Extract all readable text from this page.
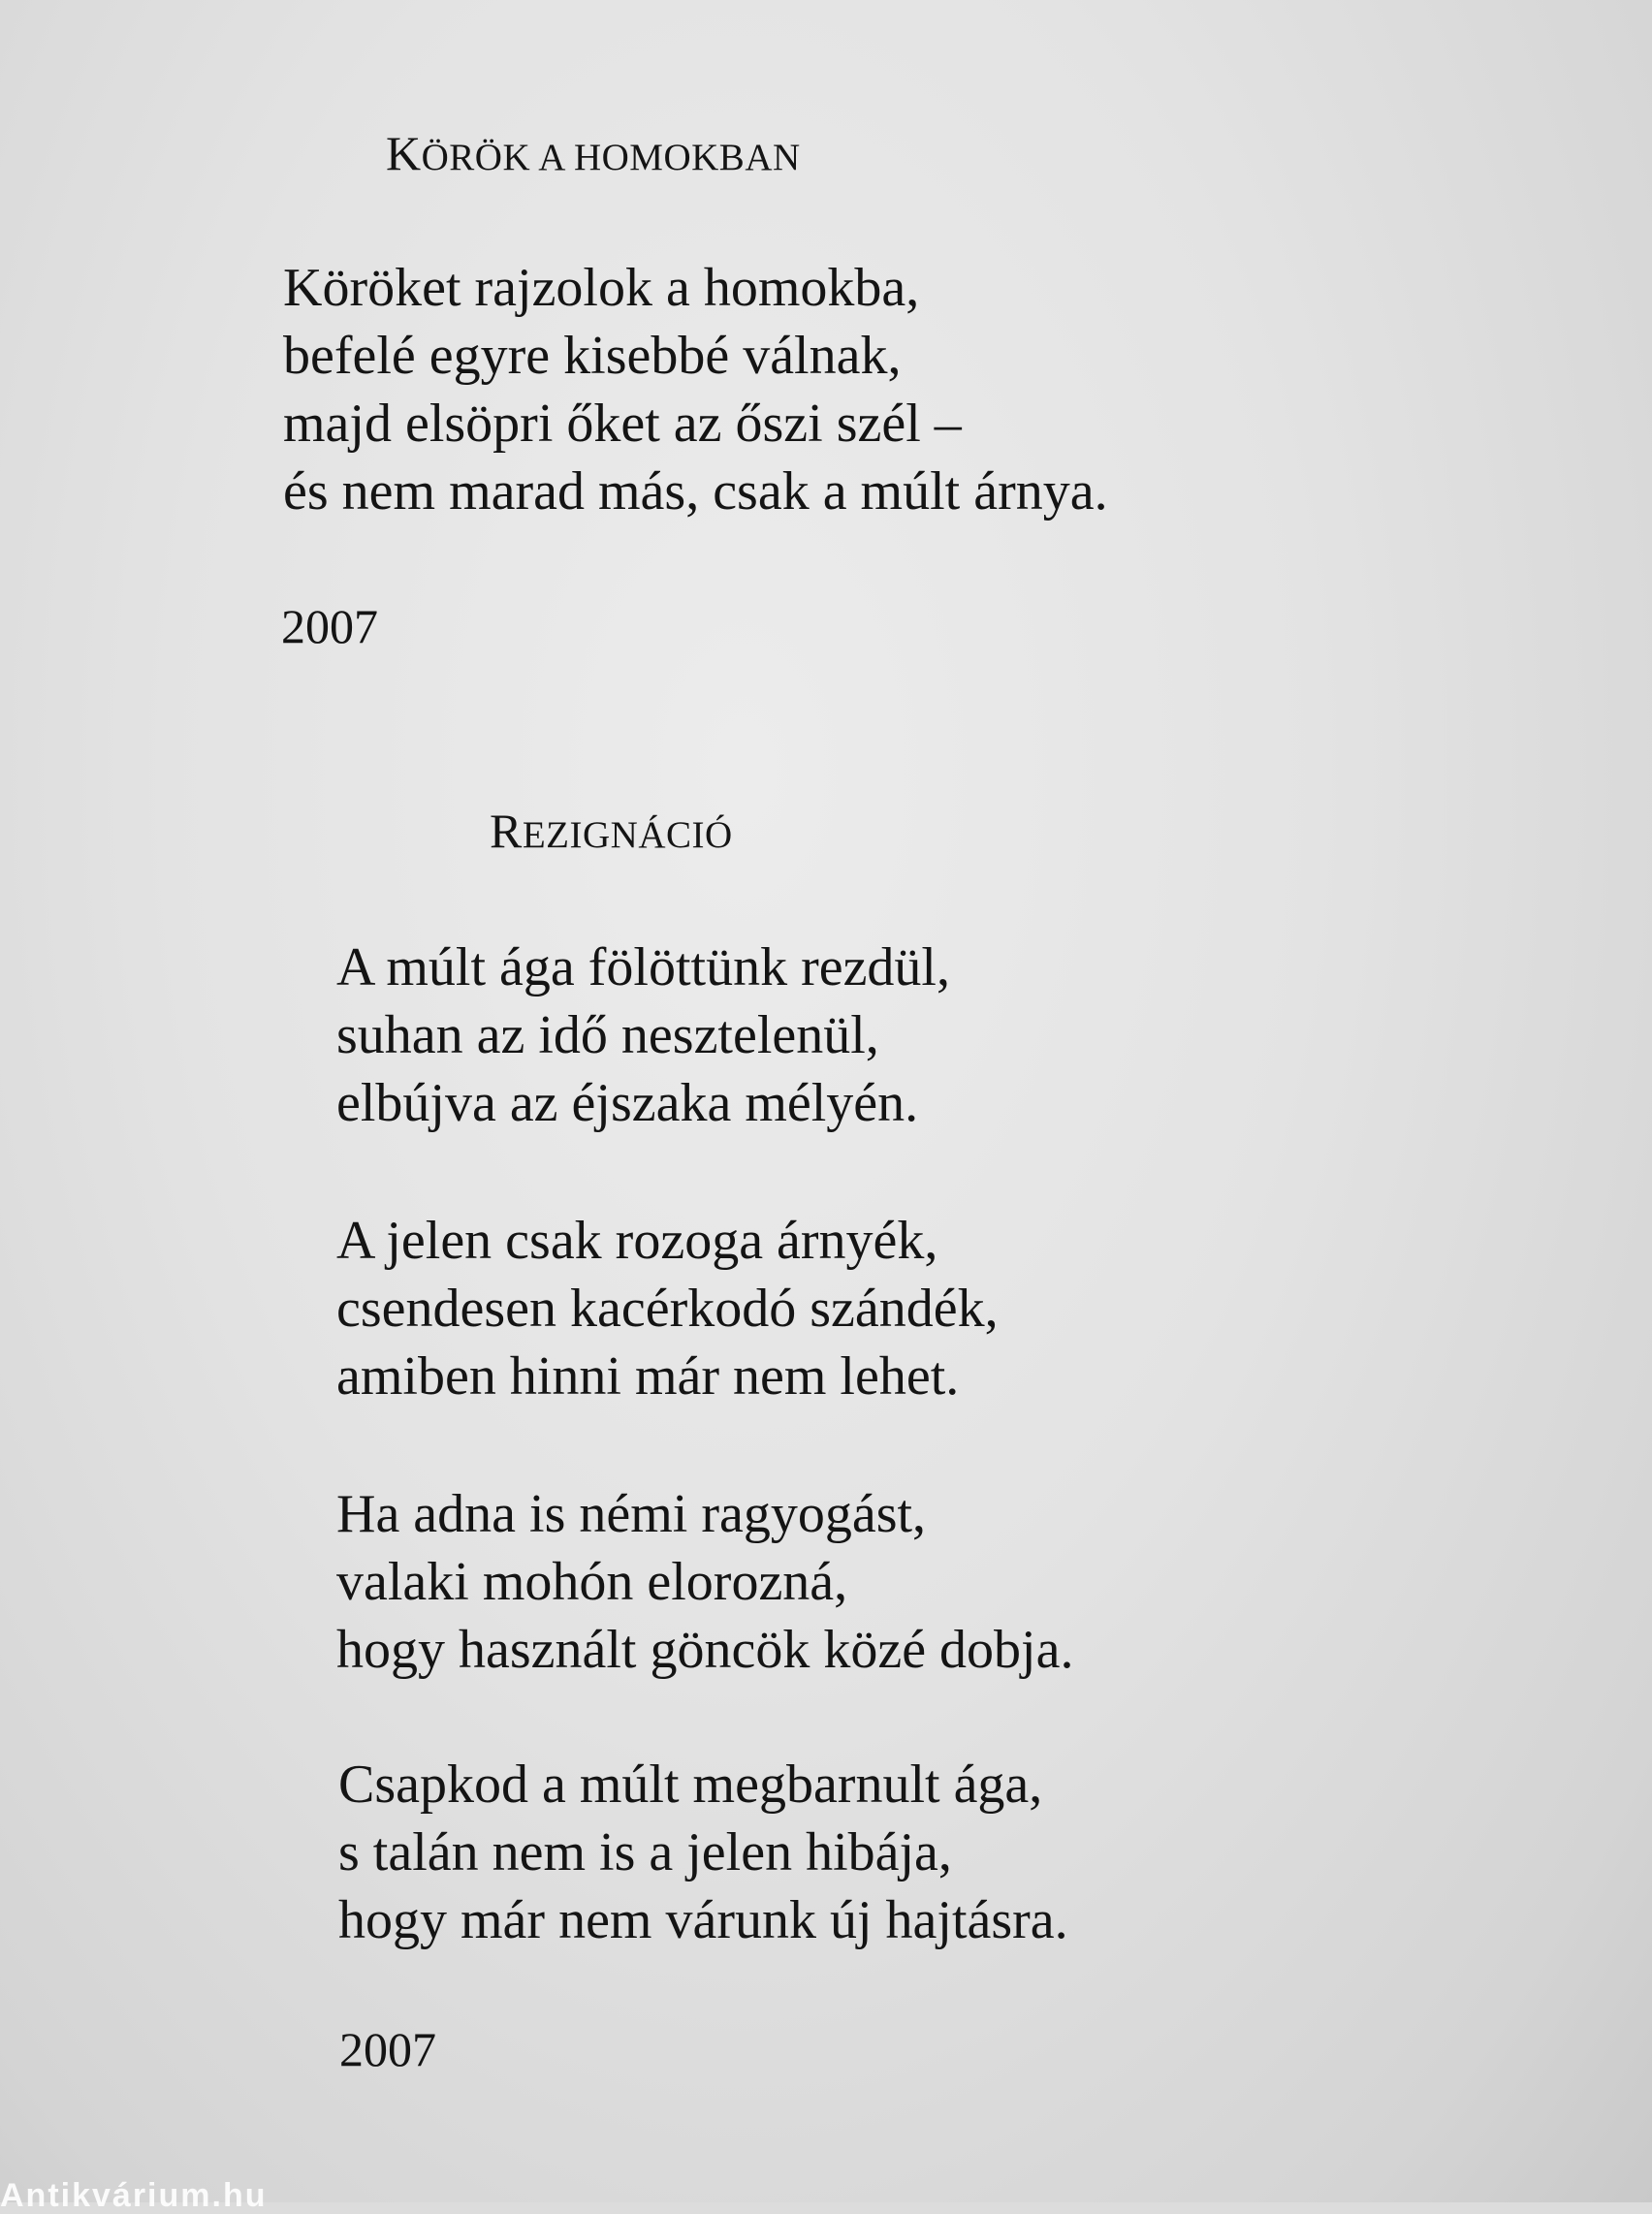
KÖRÖK A HOMOKBAN
Köröket rajzolok a homokba,
befelé egyre kisebbé válnak,
majd elsöpri őket az őszi szél –
és nem marad más, csak a múlt árnya.
2007
REZIGNÁCIÓ
A múlt ága fölöttünk rezdül,
suhan az idő nesztelenül,
elbújva az éjszaka mélyén.
A jelen csak rozoga árnyék,
csendesen kacérkodó szándék,
amiben hinni már nem lehet.
Ha adna is némi ragyogást,
valaki mohón elorozná,
hogy használt göncök közé dobja.
Csapkod a múlt megbarnult ága,
s talán nem is a jelen hibája,
hogy már nem várunk új hajtásra.
2007
Antikvárium.hu
